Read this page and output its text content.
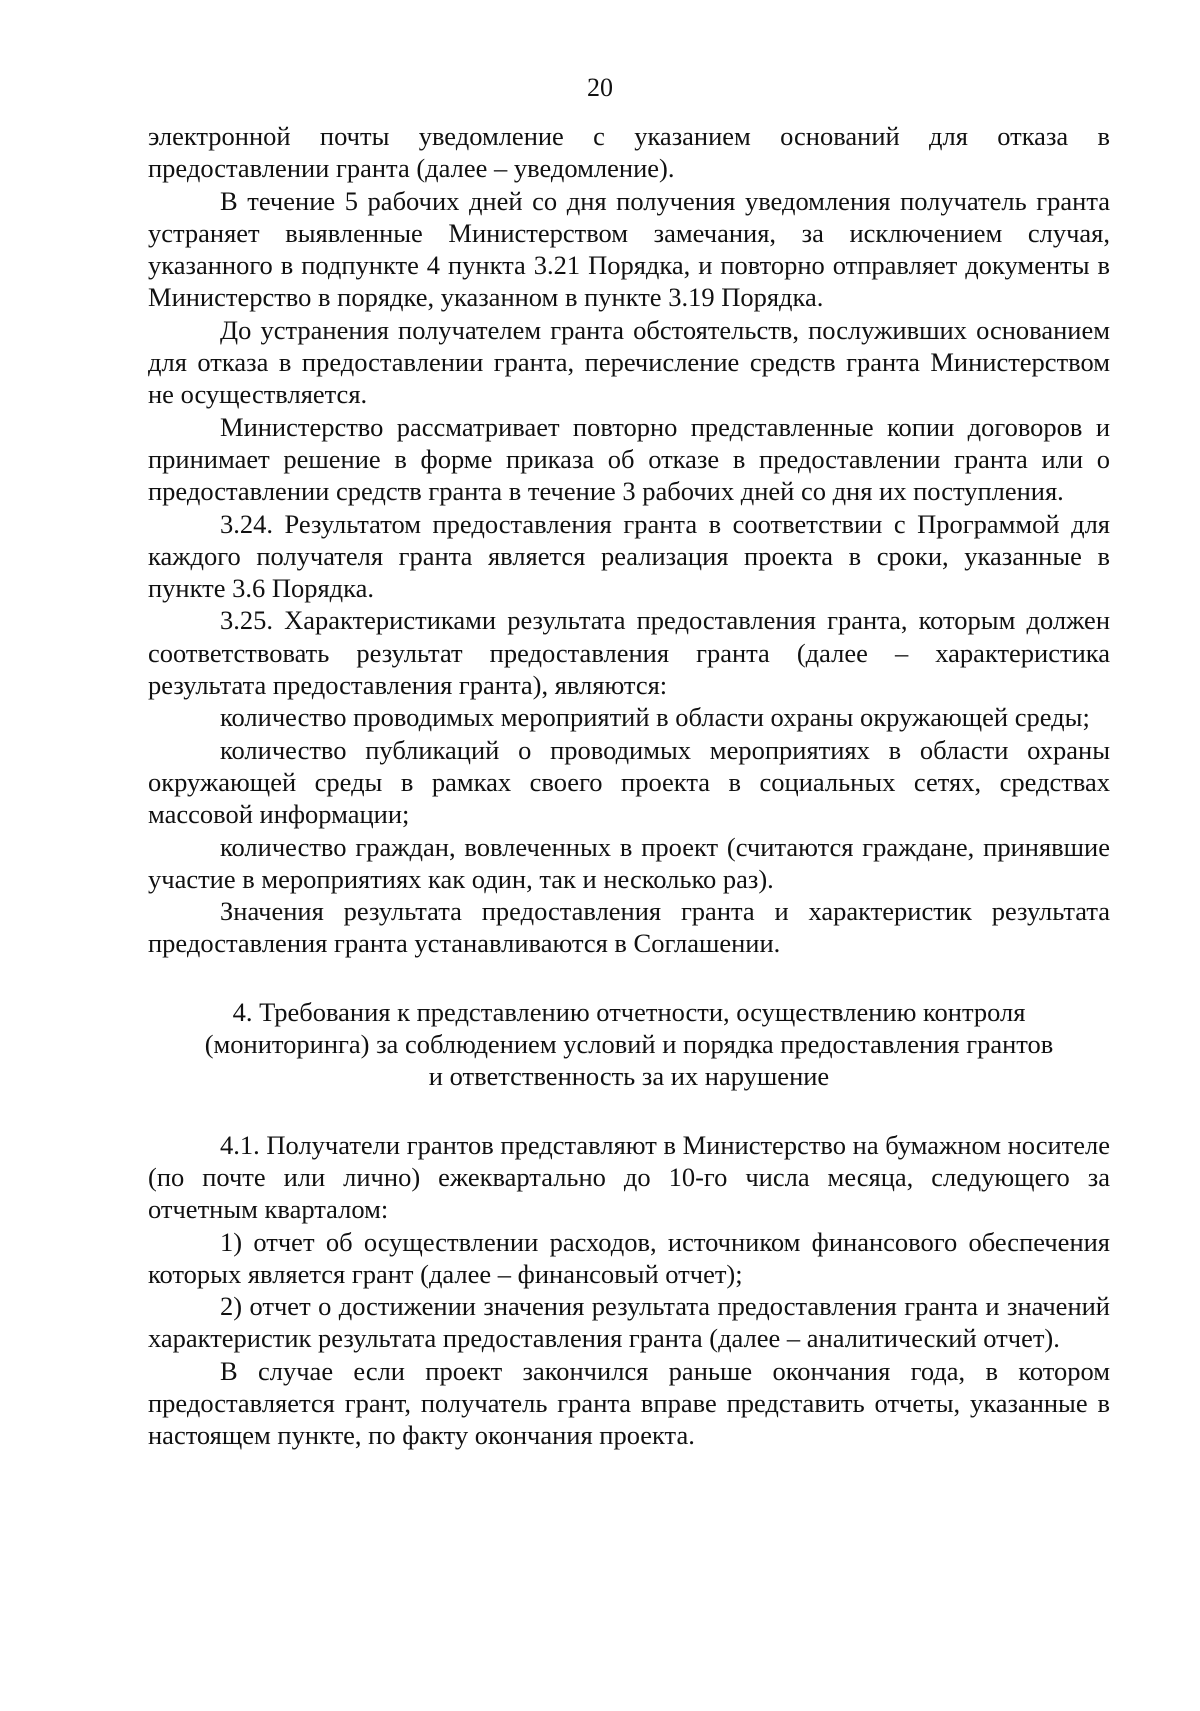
20

электронной почты уведомление с указанием оснований для отказа в предоставлении гранта (далее – уведомление).

В течение 5 рабочих дней со дня получения уведомления получатель гранта устраняет выявленные Министерством замечания, за исключением случая, указанного в подпункте 4 пункта 3.21 Порядка, и повторно отправляет документы в Министерство в порядке, указанном в пункте 3.19 Порядка.

До устранения получателем гранта обстоятельств, послуживших основанием для отказа в предоставлении гранта, перечисление средств гранта Министерством не осуществляется.

Министерство рассматривает повторно представленные копии договоров и принимает решение в форме приказа об отказе в предоставлении гранта или о предоставлении средств гранта в течение 3 рабочих дней со дня их поступления.

3.24. Результатом предоставления гранта в соответствии с Программой для каждого получателя гранта является реализация проекта в сроки, указанные в пункте 3.6 Порядка.

3.25. Характеристиками результата предоставления гранта, которым должен соответствовать результат предоставления гранта (далее – характеристика результата предоставления гранта), являются:

количество проводимых мероприятий в области охраны окружающей среды;

количество публикаций о проводимых мероприятиях в области охраны окружающей среды в рамках своего проекта в социальных сетях, средствах массовой информации;

количество граждан, вовлеченных в проект (считаются граждане, принявшие участие в мероприятиях как один, так и несколько раз).

Значения результата предоставления гранта и характеристик результата предоставления гранта устанавливаются в Соглашении.

4. Требования к представлению отчетности, осуществлению контроля
(мониторинга) за соблюдением условий и порядка предоставления грантов
и ответственность за их нарушение

4.1. Получатели грантов представляют в Министерство на бумажном носителе (по почте или лично) ежеквартально до 10-го числа месяца, следующего за отчетным кварталом:

1) отчет об осуществлении расходов, источником финансового обеспечения которых является грант (далее – финансовый отчет);

2) отчет о достижении значения результата предоставления гранта и значений характеристик результата предоставления гранта (далее – аналитический отчет).

В случае если проект закончился раньше окончания года, в котором предоставляется грант, получатель гранта вправе представить отчеты, указанные в настоящем пункте, по факту окончания проекта.
